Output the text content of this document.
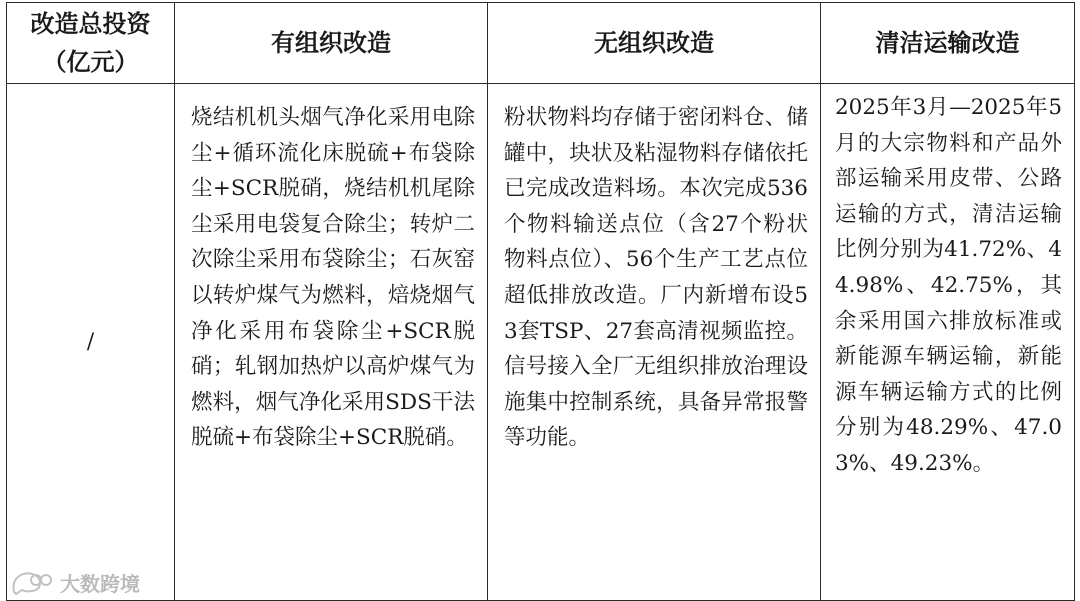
改造总投资
（亿元）	有组织改造	无组织改造	清洁运输改造
/	烧结机机头烟气净化采用电除尘+循环流化床脱硫+布袋除尘+SCR脱硝，烧结机机尾除尘采用电袋复合除尘；转炉二次除尘采用布袋除尘；石灰窑以转炉煤气为燃料，焙烧烟气净化采用布袋除尘+SCR脱硝；轧钢加热炉以高炉煤气为燃料，烟气净化采用SDS干法脱硫+布袋除尘+SCR脱硝。	粉状物料均存储于密闭料仓、储罐中，块状及粘湿物料存储依托已完成改造料场。本次完成536个物料输送点位（含27个粉状物料点位）、56个生产工艺点位超低排放改造。厂内新增布设53套TSP、27套高清视频监控。信号接入全厂无组织排放治理设施集中控制系统，具备异常报警等功能。	2025年3月—2025年5月的大宗物料和产品外部运输采用皮带、公路运输的方式，清洁运输比例分别为41.72%、44.98%、42.75%，其余采用国六排放标准或新能源车辆运输，新能源车辆运输方式的比例分别为48.29%、47.03%、49.23%。
大数跨境
